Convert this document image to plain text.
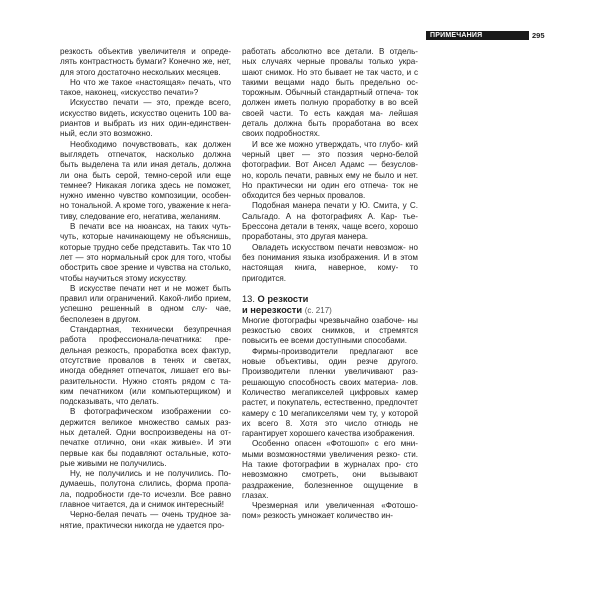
ПРИМЕЧАНИЯ	295

резкость объектив увеличителя и опреде- лять контрастность бумаги? Конечно же, нет, для этого достаточно нескольких месяцев.

Но что же такое «настоящая» печать, что такое, наконец, «искусство печати»?

Искусство печати — это, прежде всего, искусство видеть, искусство оценить 100 ва- риантов и выбрать из них один-единствен- ный, если это возможно.

Необходимо почувствовать, как должен выглядеть отпечаток, насколько должна быть выделена та или иная деталь, должна ли она быть серой, темно-серой или еще темнее? Никакая логика здесь не поможет, нужно именно чувство композиции, особен- но тональной. А кроме того, уважение к нега- тиву, следование его, негатива, желаниям.

В печати все на нюансах, на таких чуть- чуть, которые начинающему не объяснишь, которые трудно себе представить. Так что 10 лет — это нормальный срок для того, чтобы обострить свое зрение и чувства на столько, чтобы научиться этому искусству.

В искусстве печати нет и не может быть правил или ограничений. Какой-либо прием, успешно решенный в одном слу- чае, бесполезен в другом.

Стандартная, технически безупречная работа профессионала-печатника: пре- дельная резкость, проработка всех фактур, отсутствие провалов в тенях и светах, иногда обедняет отпечаток, лишает его вы- разительности. Нужно стоять рядом с та- ким печатником (или компьютерщиком) и подсказывать, что делать.

В фотографическом изображении со- держится великое множество самых раз- ных деталей. Одни воспроизведены на от- печатке отлично, они «как живые». И эти первые как бы подавляют остальные, кото- рые живыми не получились.

Ну, не получились и не получились. По- думаешь, полутона слились, форма пропа- ла, подробности где-то исчезли. Все равно главное читается, да и снимок интересный!

Черно-белая печать — очень трудное за- нятие, практически никогда не удается про-

работать абсолютно все детали. В отдель- ных случаях черные провалы только укра- шают снимок. Но это бывает не так часто, и с такими вещами надо быть предельно ос- торожным. Обычный стандартный отпеча- ток должен иметь полную проработку в во всей своей части. То есть каждая ма- лейшая деталь должна быть проработана во всех своих подробностях.

И все же можно утверждать, что глубо- кий черный цвет — это поэзия черно-белой фотографии. Вот Ансел Адамс — безуслов- но, король печати, равных ему не было и нет. Но практически ни один его отпеча- ток не обходится без черных провалов.

Подобная манера печати у Ю. Смита, у С. Сальгадо. А на фотографиях А. Кар- тье-Брессона детали в тенях, чаще всего, хорошо проработаны, это другая манера.

Овладеть искусством печати невозмож- но без понимания языка изображения. И в этом настоящая книга, наверное, кому- то пригодится.

13. О резкости
и нерезкости (с. 217)

Многие фотографы чрезвычайно озабоче- ны резкостью своих снимков, и стремятся повысить ее всеми доступными способами.

Фирмы-производители предлагают все новые объективы, один резче другого. Производители пленки увеличивают раз- решающую способность своих материа- лов. Количество мегапикселей цифровых камер растет, и покупатель, естественно, предпочтет камеру с 10 мегапикселями чем ту, у которой их всего 8. Хотя это число отнюдь не гарантирует хорошего качества изображения.

Особенно опасен «Фотошоп» с его мни- мыми возможностями увеличения резко- сти. На такие фотографии в журналах про- сто невозможно смотреть, они вызывают раздражение, болезненное ощущение в глазах.

Чрезмерная или увеличенная «Фотошо- пом» резкость умножает количество ин-
